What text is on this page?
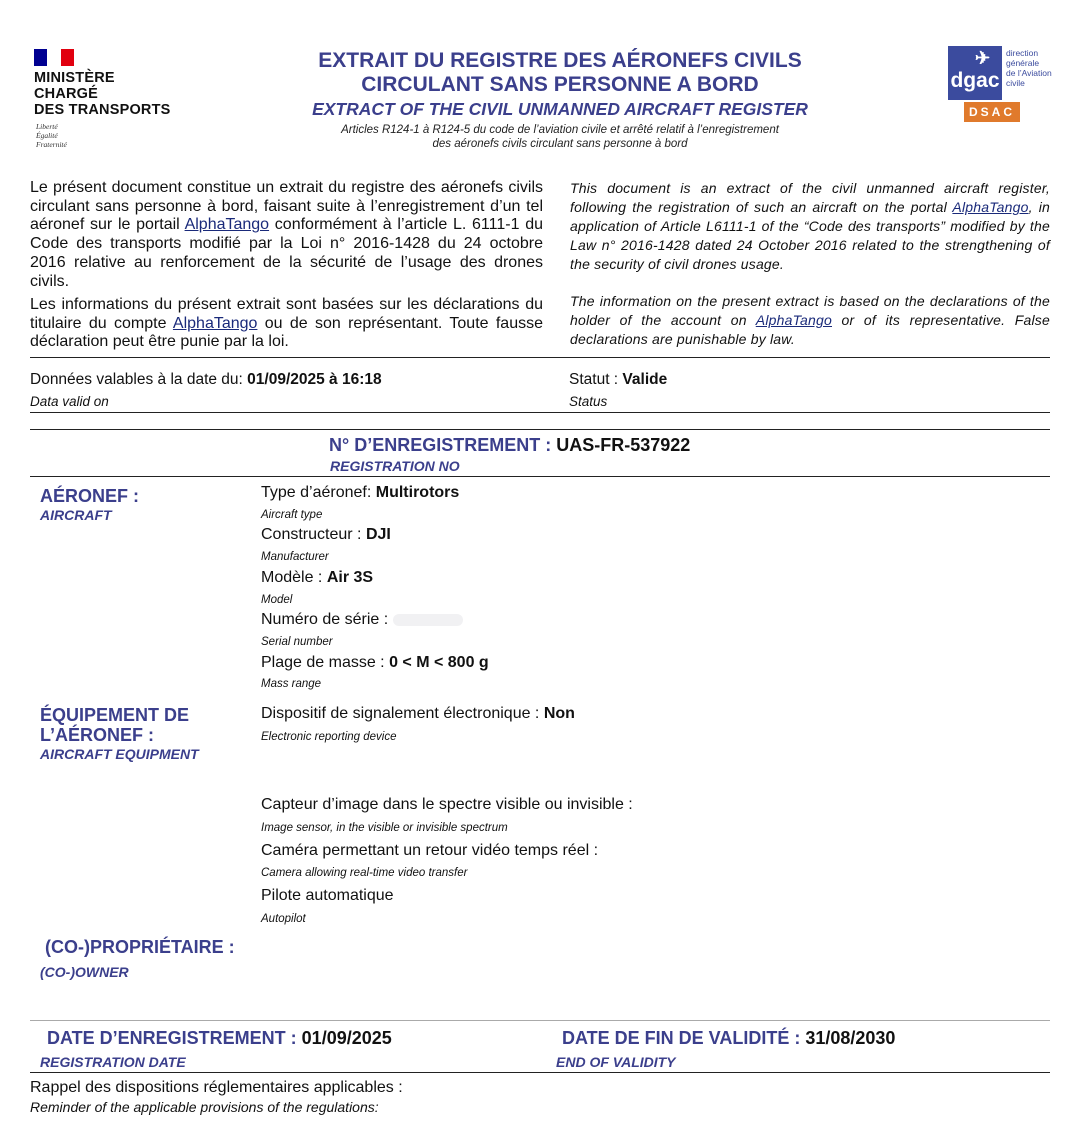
MINISTÈRE
CHARGÉ
DES TRANSPORTS
Liberté
Égalité
Fraternité
EXTRAIT DU REGISTRE DES AÉRONEFS CIVILS
CIRCULANT SANS PERSONNE A BORD
EXTRACT OF THE CIVIL UNMANNED AIRCRAFT REGISTER
Articles R124-1 à R124-5 du code de l’aviation civile et arrêté relatif à l’enregistrement
des aéronefs civils circulant sans personne à bord
✈
dgac
DSAC
direction
générale
de l’Aviation
civile
Le présent document constitue un extrait du registre des aéronefs civils circulant sans personne à bord, faisant suite à l’enregistrement d’un tel aéronef sur le portail AlphaTango conformément à l’article L. 6111-1 du Code des transports modifié par la Loi n° 2016-1428 du 24 octobre 2016 relative au renforcement de la sécurité de l’usage des drones civils.
Les informations du présent extrait sont basées sur les déclarations du titulaire du compte AlphaTango ou de son représentant. Toute fausse déclaration peut être punie par la loi.
This document is an extract of the civil unmanned aircraft register, following the registration of such an aircraft on the portal AlphaTango, in application of Article L6111-1 of the “Code des transports” modified by the Law n° 2016-1428 dated 24 October 2016 related to the strengthening of the security of civil drones usage.
The information on the present extract is based on the declarations of the holder of the account on AlphaTango or of its representative. False declarations are punishable by law.
Données valables à la date du: 01/09/2025 à 16:18
Data valid on
Statut : Valide
Status
N° D’ENREGISTREMENT : UAS-FR-537922
REGISTRATION NO
AÉRONEF :
AIRCRAFT
Type d’aéronef: Multirotors
Aircraft type
Constructeur : DJI
Manufacturer
Modèle : Air 3S
Model
Numéro de série :
Serial number
Plage de masse : 0 < M < 800 g
Mass range
ÉQUIPEMENT DE
L’AÉRONEF :
AIRCRAFT EQUIPMENT
Dispositif de signalement électronique : Non
Electronic reporting device
Capteur d’image dans le spectre visible ou invisible :
Image sensor, in the visible or invisible spectrum
Caméra permettant un retour vidéo temps réel :
Camera allowing real-time video transfer
Pilote automatique
Autopilot
(CO-)PROPRIÉTAIRE :
(CO-)OWNER
DATE D’ENREGISTREMENT : 01/09/2025
REGISTRATION DATE
DATE DE FIN DE VALIDITÉ : 31/08/2030
END OF VALIDITY
Rappel des dispositions réglementaires applicables :
Reminder of the applicable provisions of the regulations:
